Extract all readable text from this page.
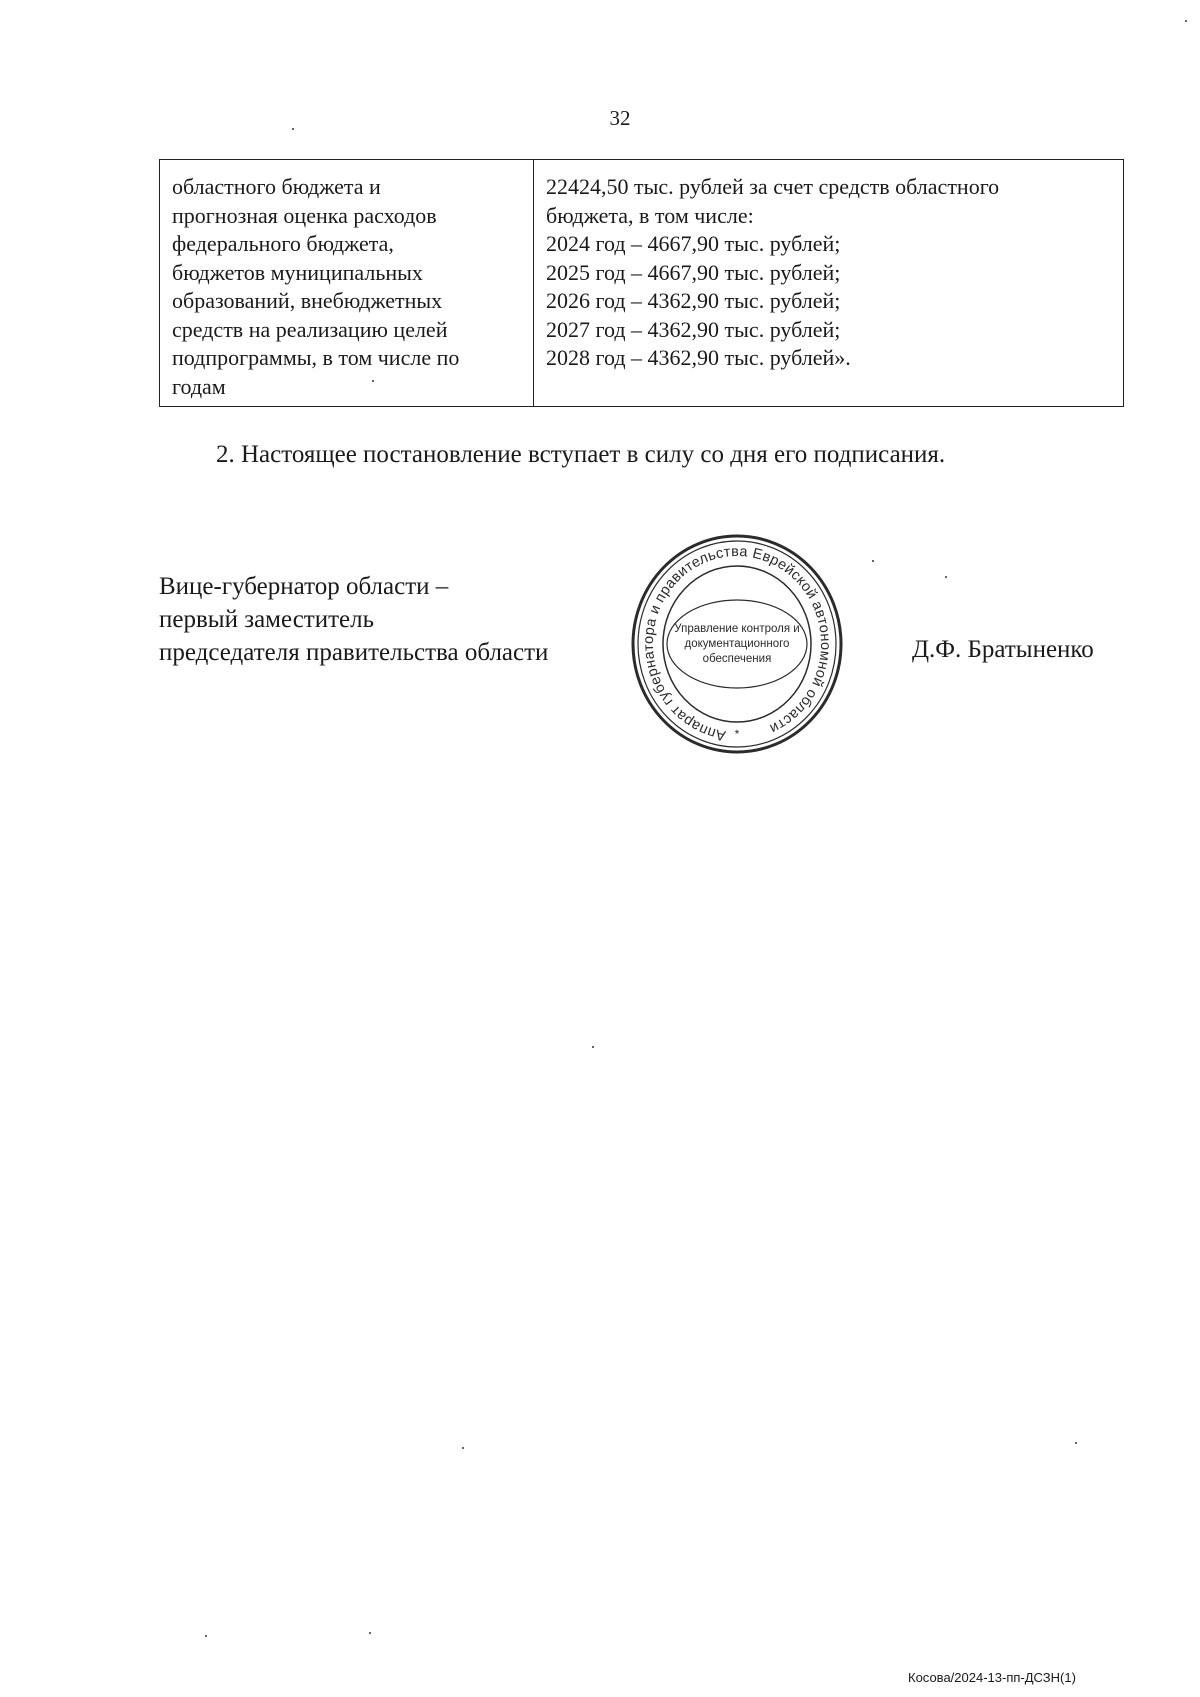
32
областного бюджета и
прогнозная оценка расходов
федерального бюджета,
бюджетов муниципальных
образований, внебюджетных
средств на реализацию целей
подпрограммы, в том числе по
годам
22424,50 тыс. рублей за счет средств областного
бюджета, в том числе:
2024 год – 4667,90 тыс. рублей;
2025 год – 4667,90 тыс. рублей;
2026 год – 4362,90 тыс. рублей;
2027 год – 4362,90 тыс. рублей;
2028 год – 4362,90 тыс. рублей».
2. Настоящее постановление вступает в силу со дня его подписания.
Вице-губернатор области –
первый заместитель
председателя правительства области	Д.Ф. Братыненко
Аппарат губернатора и правительства Еврейской автономной области
Управление контроля и
документационного
обеспечения
*
Косова/2024-13-пп-ДСЗН(1)
